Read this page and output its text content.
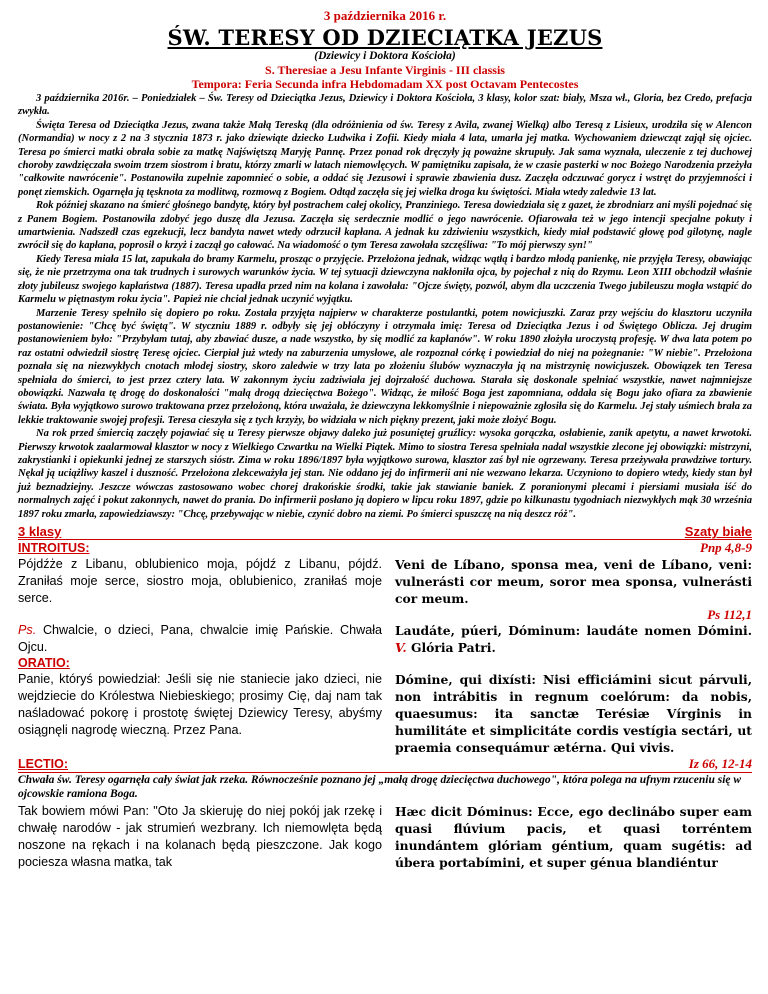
3 października 2016 r.
ŚW. TERESY OD DZIECIĄTKA JEZUS
(Dziewicy i Doktora Kościoła)
S. Theresiae a Jesu Infante Virginis - III classis
Tempora: Feria Secunda infra Hebdomadam XX post Octavam Pentecostes

3 października 2016r. – Poniedziałek – Św. Teresy od Dzieciątka Jezus, Dziewicy i Doktora Kościoła, 3 klasy, kolor szat: biały, Msza wł., Gloria, bez Credo, prefacja zwykła.

Święta Teresa od Dzieciątka Jezus, zwana także Małą Tereską (dla odróżnienia od św. Teresy z Avila, zwanej Wielką) albo Teresą z Lisieux, urodziła się w Alencon (Normandia) w nocy z 2 na 3 stycznia 1873 r. jako dziewiąte dziecko Ludwika i Zofii. Kiedy miała 4 lata, umarła jej matka. Wychowaniem dziewcząt zajął się ojciec. Teresa po śmierci matki obrała sobie za matkę Najświętszą Maryję Pannę. Przez ponad rok dręczyły ją poważne skrupuły. Jak sama wyznała, uleczenie z tej duchowej choroby zawdzięczała swoim trzem siostrom i bratu, którzy zmarli w latach niemowlęcych. W pamiętniku zapisała, że w czasie pasterki w noc Bożego Narodzenia przeżyła "całkowite nawrócenie". Postanowiła zupełnie zapomnieć o sobie, a oddać się Jezusowi i sprawie zbawienia dusz. Zaczęła odczuwać gorycz i wstręt do przyjemności i ponęt ziemskich. Ogarnęła ją tęsknota za modlitwą, rozmową z Bogiem. Odtąd zaczęła się jej wielka droga ku świętości. Miała wtedy zaledwie 13 lat.

Rok później skazano na śmierć głośnego bandytę, który był postrachem całej okolicy, Pranziniego. Teresa dowiedziała się z gazet, że zbrodniarz ani myśli pojednać się z Panem Bogiem. Postanowiła zdobyć jego duszę dla Jezusa. Zaczęła się serdecznie modlić o jego nawrócenie. Ofiarowała też w jego intencji specjalne pokuty i umartwienia. Nadszedł czas egzekucji, lecz bandyta nawet wtedy odrzucił kapłana. A jednak ku zdziwieniu wszystkich, kiedy miał podstawić głowę pod gilotynę, nagle zwrócił się do kapłana, poprosił o krzyż i zaczął go całować. Na wiadomość o tym Teresa zawołała szczęśliwa: "To mój pierwszy syn!"

Kiedy Teresa miała 15 lat, zapukała do bramy Karmelu, prosząc o przyjęcie. Przełożona jednak, widząc wątłą i bardzo młodą panienkę, nie przyjęła Teresy, obawiając się, że nie przetrzyma ona tak trudnych i surowych warunków życia. W tej sytuacji dziewczyna nakłoniła ojca, by pojechał z nią do Rzymu. Leon XIII obchodził właśnie złoty jubileusz swojego kapłaństwa (1887). Teresa upadła przed nim na kolana i zawołała: "Ojcze święty, pozwól, abym dla uczczenia Twego jubileuszu mogła wstąpić do Karmelu w piętnastym roku życia". Papież nie chciał jednak uczynić wyjątku.

Marzenie Teresy spełniło się dopiero po roku. Została przyjęta najpierw w charakterze postulantki, potem nowicjuszki. Zaraz przy wejściu do klasztoru uczyniła postanowienie: "Chcę być świętą". W styczniu 1889 r. odbyły się jej obłóczyny i otrzymała imię: Teresa od Dzieciątka Jezus i od Świętego Oblicza. Jej drugim postanowieniem było: "Przybyłam tutaj, aby zbawiać dusze, a nade wszystko, by się modlić za kapłanów". W roku 1890 złożyła uroczystą profesję. W dwa lata potem po raz ostatni odwiedził siostrę Teresę ojciec. Cierpiał już wtedy na zaburzenia umysłowe, ale rozpoznał córkę i powiedział do niej na pożegnanie: "W niebie". Przełożona poznała się na niezwykłych cnotach młodej siostry, skoro zaledwie w trzy lata po złożeniu ślubów wyznaczyła ją na mistrzynię nowicjuszek. Obowiązek ten Teresa spełniała do śmierci, to jest przez cztery lata. W zakonnym życiu zadziwiała jej dojrzałość duchowa. Starała się doskonale spełniać wszystkie, nawet najmniejsze obowiązki. Nazwała tę drogę do doskonałości "małą drogą dziecięctwa Bożego". Widząc, że miłość Boga jest zapomniana, oddała się Bogu jako ofiara za zbawienie świata. Była wyjątkowo surowo traktowana przez przełożoną, która uważała, że dziewczyna lekkomyślnie i niepoważnie zgłosiła się do Karmelu. Jej stały uśmiech brała za lekkie traktowanie swojej profesji. Teresa cieszyła się z tych krzyży, bo widziała w nich piękny prezent, jaki może złożyć Bogu.

Na rok przed śmiercią zaczęły pojawiać się u Teresy pierwsze objawy daleko już posuniętej gruźlicy: wysoka gorączka, osłabienie, zanik apetytu, a nawet krwotoki. Pierwszy krwotok zaalarmował klasztor w nocy z Wielkiego Czwartku na Wielki Piątek. Mimo to siostra Teresa spełniała nadal wszystkie zlecone jej obowiązki: mistrzyni, zakrystianki i opiekunki jednej ze starszych sióstr. Zima w roku 1896/1897 była wyjątkowo surowa, klasztor zaś był nie ogrzewany. Teresa przeżywała prawdziwe tortury. Nękał ją uciążliwy kaszel i duszność. Przełożona zlekceważyła jej stan. Nie oddano jej do infirmerii ani nie wezwano lekarza. Uczyniono to dopiero wtedy, kiedy stan był już beznadziejny. Jeszcze wówczas zastosowano wobec chorej drakońskie środki, takie jak stawianie baniek. Z poranionymi plecami i piersiami musiała iść do normalnych zajęć i pokut zakonnych, nawet do prania. Do infirmerii posłano ją dopiero w lipcu roku 1897, gdzie po kilkunastu tygodniach niezwykłych mąk 30 września 1897 roku zmarła, zapowiedziawszy: "Chcę, przebywając w niebie, czynić dobro na ziemi. Po śmierci spuszczę na nią deszcz róż".

3 klasy	Szaty białe
INTROITUS:	Pnp 4,8-9
Pójdźże z Libanu, oblubienico moja, pójdź z Libanu, pójdź. Zraniłaś moje serce, siostro moja, oblubienico, zraniłaś moje serce.
Veni de Líbano, sponsa mea, veni de Líbano, veni: vulnerásti cor meum, soror mea sponsa, vulnerásti cor meum.
Ps 112,1
Ps. Chwalcie, o dzieci, Pana, chwalcie imię Pańskie. Chwała Ojcu.
Laudáte, púeri, Dóminum: laudáte nomen Dómini. V. Glória Patri.
ORATIO:
Panie, któryś powiedział: Jeśli się nie staniecie jako dzieci, nie wejdziecie do Królestwa Niebieskiego; prosimy Cię, daj nam tak naśladować pokorę i prostotę świętej Dziewicy Teresy, abyśmy osiągnęli nagrodę wieczną. Przez Pana.
Dómine, qui dixísti: Nisi efficiámini sicut párvuli, non intrábitis in regnum coelórum: da nobis, quaesumus: ita sanctæ Terésiæ Vírginis in humilitáte et simplicitáte cordis vestígia sectári, ut praemia consequámur ætérna. Qui vivis.
LECTIO:	Iz 66, 12-14
Chwała św. Teresy ogarnęła cały świat jak rzeka. Równocześnie poznano jej „małą drogę dziecięctwa duchowego", która polega na ufnym rzuceniu się w ojcowskie ramiona Boga.
Tak bowiem mówi Pan: "Oto Ja skieruję do niej pokój jak rzekę i chwałę narodów - jak strumień wezbrany. Ich niemowlęta będą noszone na rękach i na kolanach będą pieszczone. Jak kogo pociesza własna matka, tak
Hæc dicit Dóminus: Ecce, ego declinábo super eam quasi flúvium pacis, et quasi torréntem inundántem glóriam géntium, quam sugétis: ad úbera portabímini, et super génua blandiéntur
